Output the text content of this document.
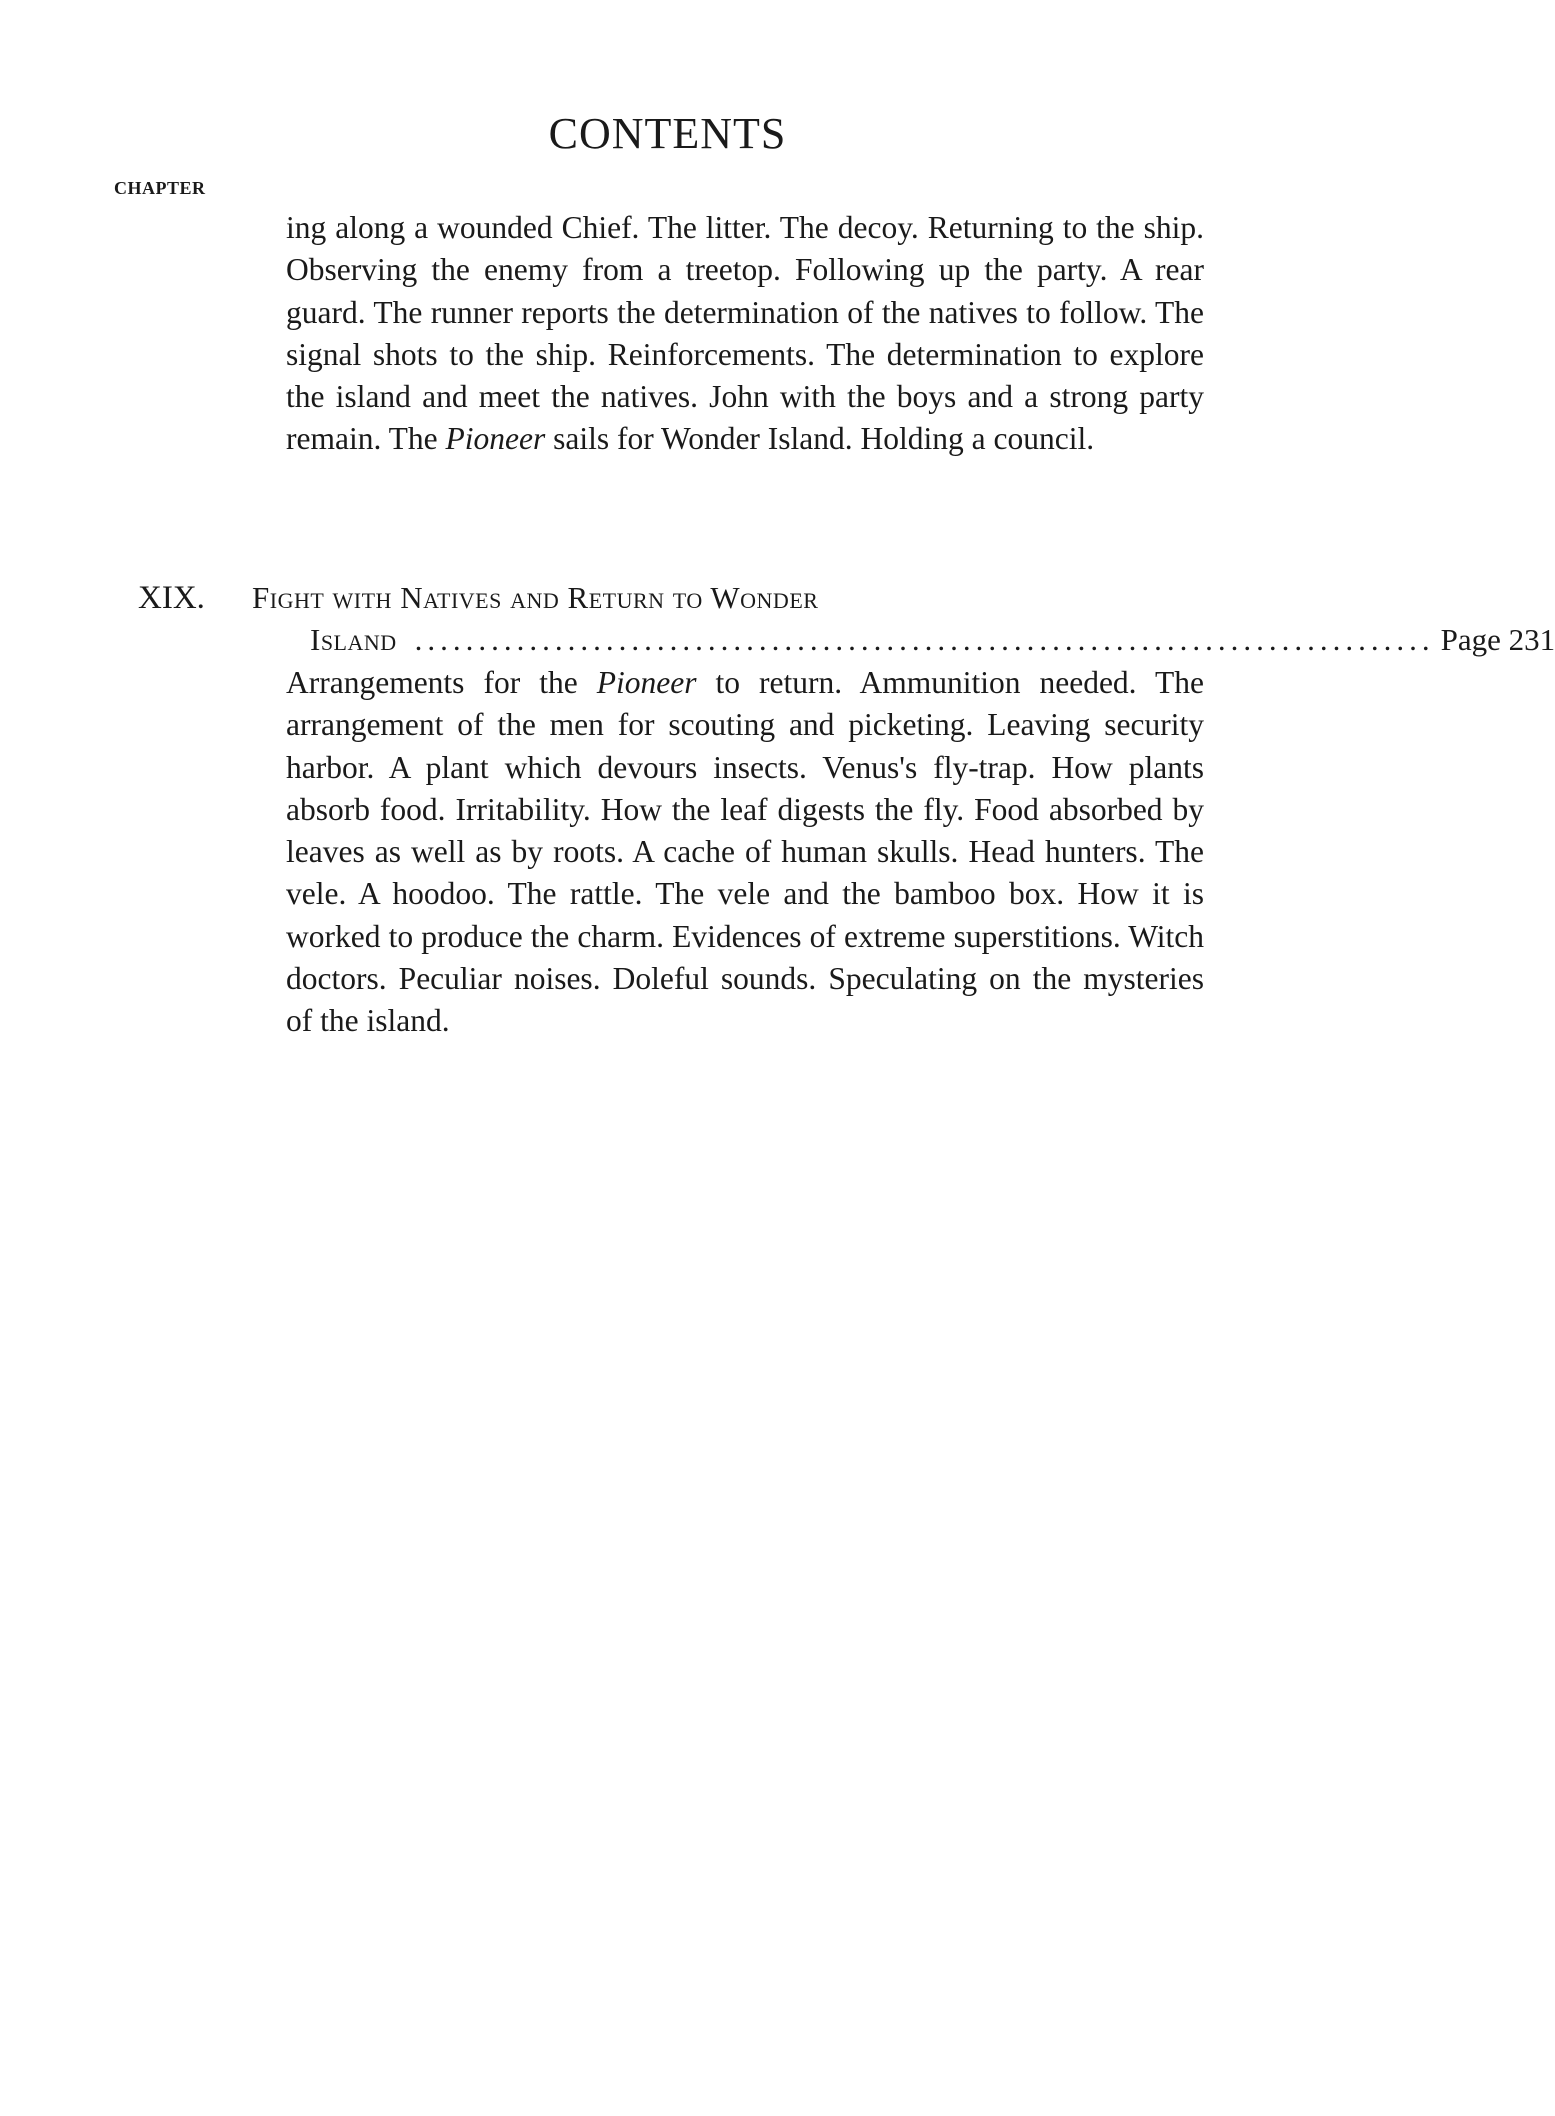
CONTENTS
CHAPTER

ing along a wounded Chief. The litter. The decoy. Returning to the ship. Observing the enemy from a treetop. Following up the party. A rear guard. The runner reports the determination of the natives to follow. The signal shots to the ship. Reinforcements. The determination to explore the island and meet the natives. John with the boys and a strong party remain. The Pioneer sails for Wonder Island. Holding a council.

XIX. Fight with Natives and Return to Wonder
Island ................................................................................ Page 231

Arrangements for the Pioneer to return. Ammunition needed. The arrangement of the men for scouting and picketing. Leaving security harbor. A plant which devours insects. Venus's fly-trap. How plants absorb food. Irritability. How the leaf digests the fly. Food absorbed by leaves as well as by roots. A cache of human skulls. Head hunters. The vele. A hoodoo. The rattle. The vele and the bamboo box. How it is worked to produce the charm. Evidences of extreme superstitions. Witch doctors. Peculiar noises. Doleful sounds. Speculating on the mysteries of the island.
